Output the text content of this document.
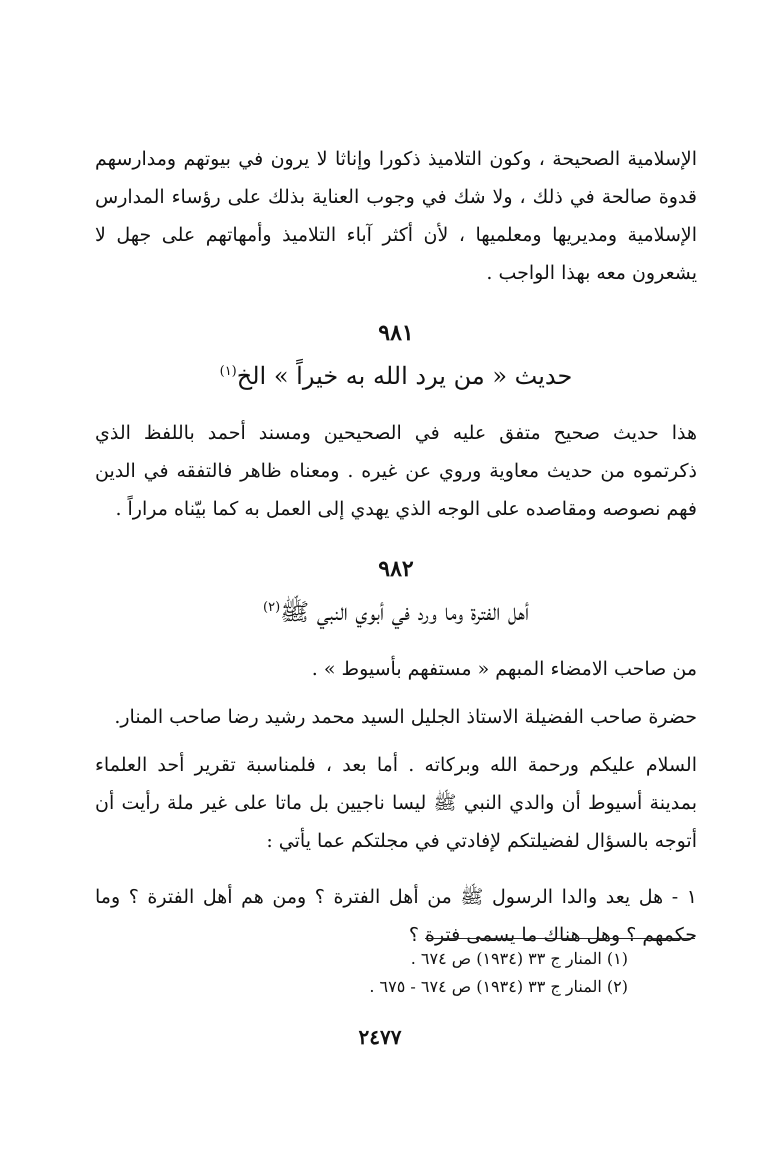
الإسلامية الصحيحة ، وكون التلاميذ ذكورا وإناثا لا يرون في بيوتهم ومدارسهم قدوة صالحة في ذلك ، ولا شك في وجوب العناية بذلك على رؤساء المدارس الإسلامية ومديريها ومعلميها ، لأن أكثر آباء التلاميذ وأمهاتهم على جهل لا يشعرون معه بهذا الواجب .

٩٨١
حديث « من يرد الله به خيراً » الخ$^{(١)}$

هذا حديث صحيح متفق عليه في الصحيحين ومسند أحمد باللفظ الذي ذكرتموه من حديث معاوية وروي عن غيره . ومعناه ظاهر فالتفقه في الدين فهم نصوصه ومقاصده على الوجه الذي يهدي إلى العمل به كما بيّناه مراراً .

٩٨٢
أهل الفترة وما ورد في أبوي النبي ﷺ$^{(٢)}$

من صاحب الامضاء المبهم « مستفهم بأسيوط » .

حضرة صاحب الفضيلة الاستاذ الجليل السيد محمد رشيد رضا صاحب المنار.

السلام عليكم ورحمة الله وبركاته . أما بعد ، فلمناسبة تقرير أحد العلماء بمدينة أسيوط أن والدي النبي ﷺ ليسا ناجيين بل ماتا على غير ملة رأيت أن أتوجه بالسؤال لفضيلتكم لإفادتي في مجلتكم عما يأتي :

١ - هل يعد والدا الرسول ﷺ من أهل الفترة ؟ ومن هم أهل الفترة ؟ وما حكمهم ؟ وهل هناك ما يسمى فترة ؟

(١) المنار ج ٣٣ (١٩٣٤) ص ٦٧٤ .
(٢) المنار ج ٣٣ (١٩٣٤) ص ٦٧٤ - ٦٧٥ .
٢٤٧٧
